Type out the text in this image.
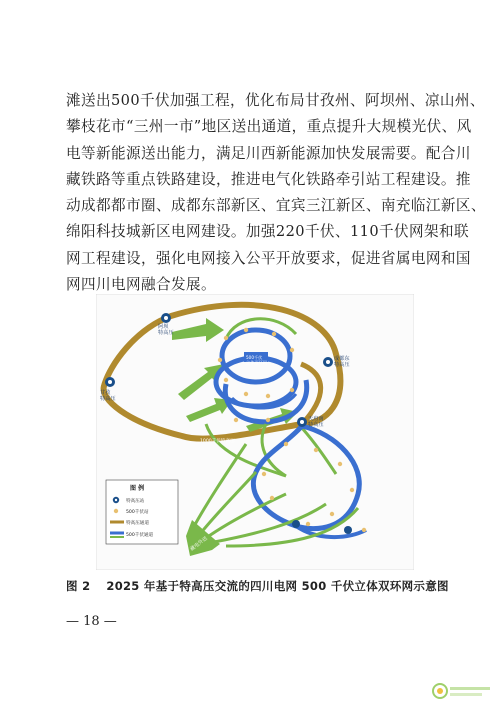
滩送出500千伏加强工程，优化布局甘孜州、阿坝州、凉山州、
攀枝花市“三州一市”地区送出通道，重点提升大规模光伏、风
电等新能源送出能力，满足川西新能源加快发展需要。配合川
藏铁路等重点铁路建设，推进电气化铁路牵引站工程建设。推
动成都都市圈、成都东部新区、宜宾三江新区、南充临江新区、
绵阳科技城新区电网建设。加强220千伏、110千伏网架和联
网工程建设，强化电网接入公平开放要求，促进省属电网和国
网四川电网融合发展。

藏电外送
阿坝特高压
成都东特高压
甘孜特高压
天府南特高压
500千伏立体双环网
1000千伏特高压
图 例
特高压站
500千伏站
特高压通道
500千伏通道
图 2 2025 年基于特高压交流的四川电网 500 千伏立体双环网示意图
— 18 —
